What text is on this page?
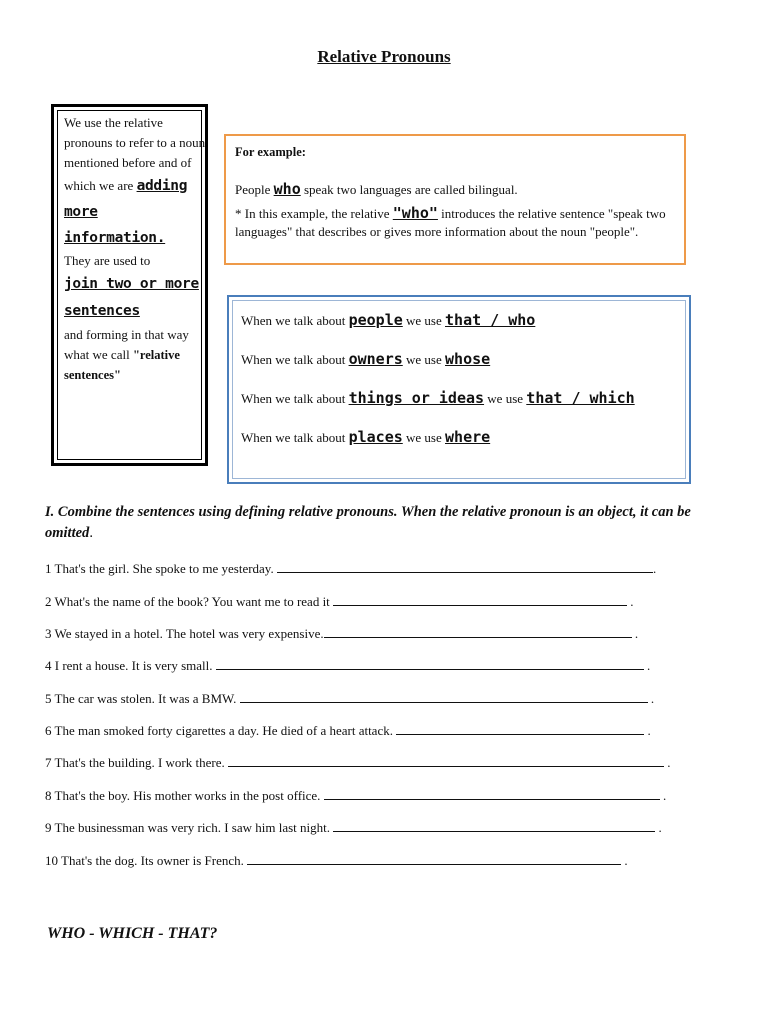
Relative Pronouns
We use the relative pronouns to refer to a noun mentioned before and of which we are adding more information.
They are used to
join two or more sentences
and forming in that way what we call "relative sentences"
For example:
People who speak two languages are called bilingual.
* In this example, the relative "who" introduces the relative sentence "speak two languages" that describes or gives more information about the noun "people".
When we talk about people we use that / who
When we talk about owners we use whose
When we talk about things or ideas we use that / which
When we talk about places we use where
I. Combine the sentences using defining relative pronouns. When the relative pronoun is an object, it can be omitted.
1 That's the girl. She spoke to me yesterday.	.
2 What's the name of the book? You want me to read it	.
3 We stayed in a hotel. The hotel was very expensive.	.
4 I rent a house. It is very small.	.
5 The car was stolen. It was a BMW.	.
6 The man smoked forty cigarettes a day. He died of a heart attack.	.
7 That's the building. I work there.	.
8 That's the boy. His mother works in the post office.	.
9 The businessman was very rich. I saw him last night.	.
10 That's the dog. Its owner is French.	.
WHO - WHICH - THAT?
